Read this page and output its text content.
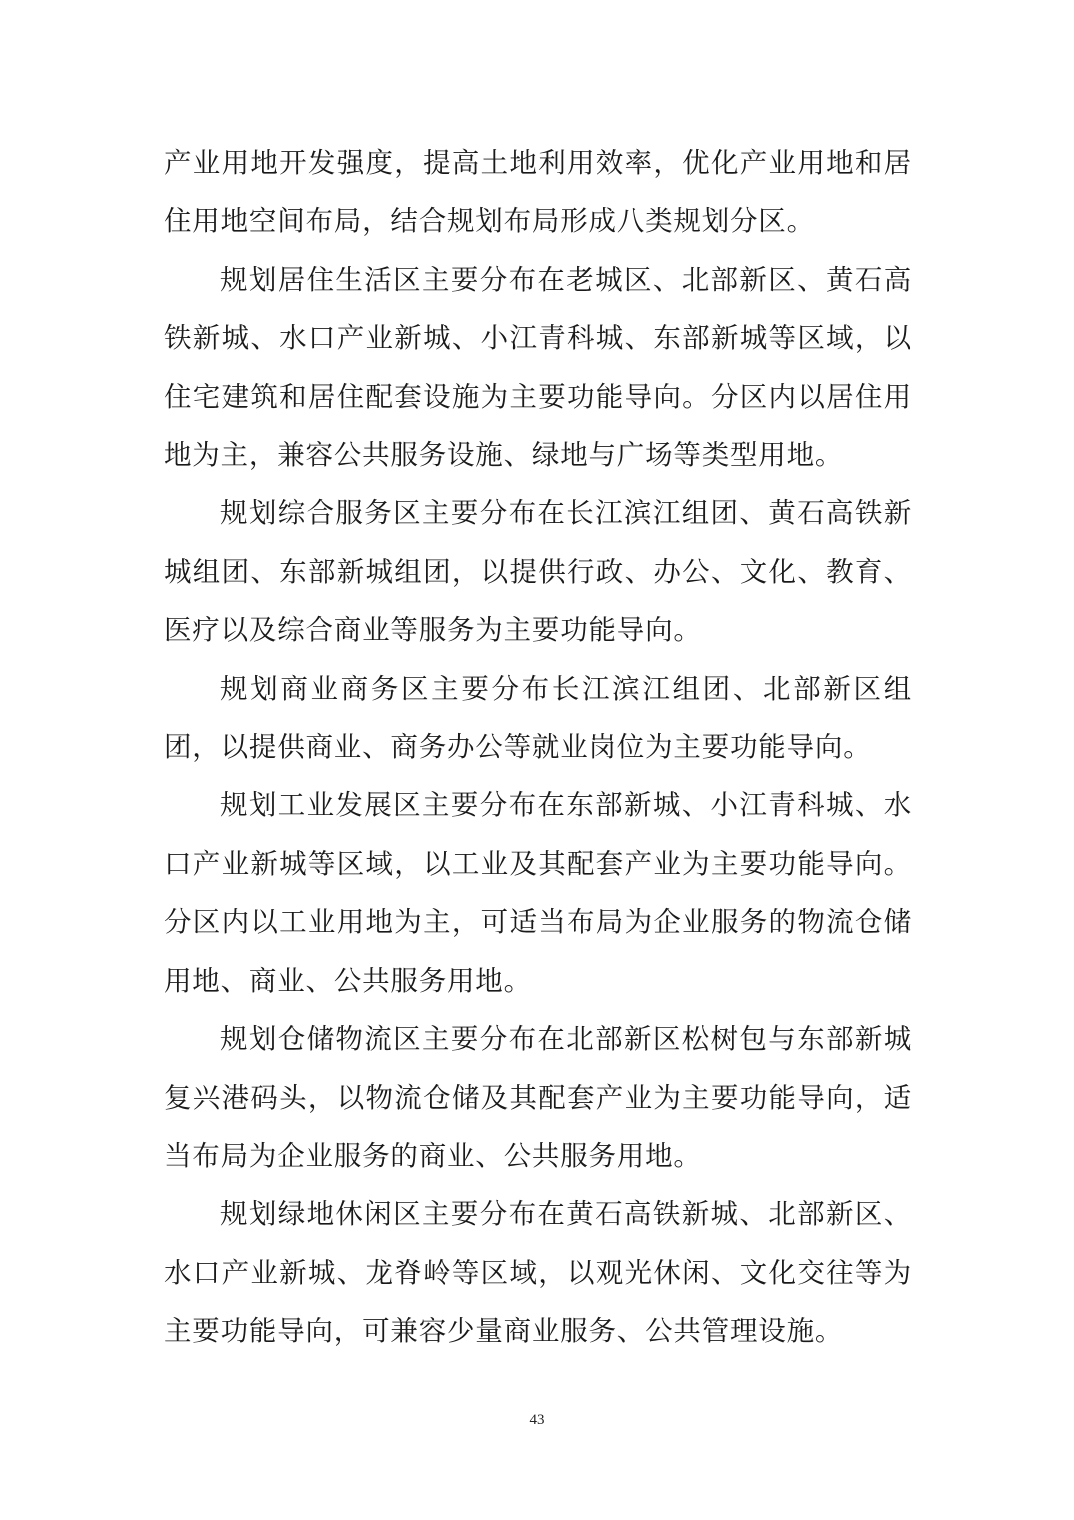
产业用地开发强度，提高土地利用效率，优化产业用地和居住用地空间布局，结合规划布局形成八类规划分区。

规划居住生活区主要分布在老城区、北部新区、黄石高铁新城、水口产业新城、小江青科城、东部新城等区域，以住宅建筑和居住配套设施为主要功能导向。分区内以居住用地为主，兼容公共服务设施、绿地与广场等类型用地。

规划综合服务区主要分布在长江滨江组团、黄石高铁新城组团、东部新城组团，以提供行政、办公、文化、教育、医疗以及综合商业等服务为主要功能导向。

规划商业商务区主要分布长江滨江组团、北部新区组团，以提供商业、商务办公等就业岗位为主要功能导向。

规划工业发展区主要分布在东部新城、小江青科城、水口产业新城等区域，以工业及其配套产业为主要功能导向。分区内以工业用地为主，可适当布局为企业服务的物流仓储用地、商业、公共服务用地。

规划仓储物流区主要分布在北部新区松树包与东部新城复兴港码头，以物流仓储及其配套产业为主要功能导向，适当布局为企业服务的商业、公共服务用地。

规划绿地休闲区主要分布在黄石高铁新城、北部新区、水口产业新城、龙脊岭等区域，以观光休闲、文化交往等为主要功能导向，可兼容少量商业服务、公共管理设施。

43
